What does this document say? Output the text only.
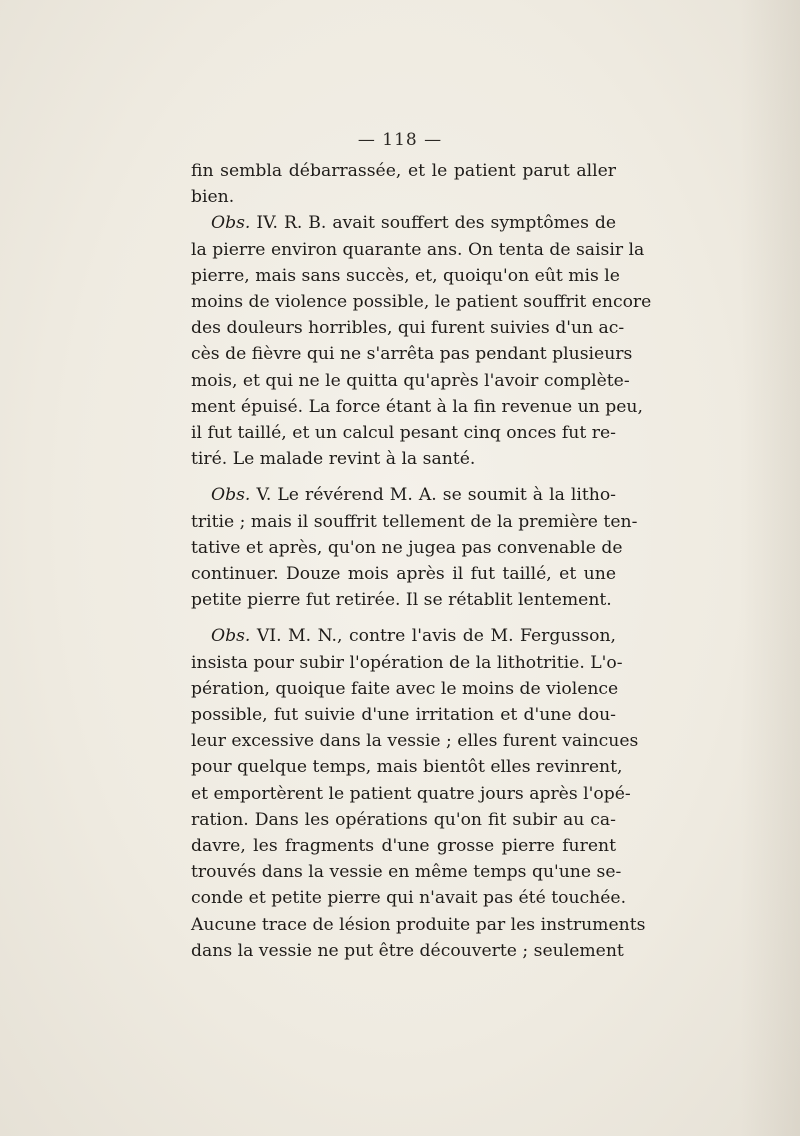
— 118 —
fin sembla débarrassée, et le patient parut aller
bien.
Obs. IV. R. B. avait souffert des symptômes de
la pierre environ quarante ans. On tenta de saisir la
pierre, mais sans succès, et, quoiqu'on eût mis le
moins de violence possible, le patient souffrit encore
des douleurs horribles, qui furent suivies d'un ac-
cès de fièvre qui ne s'arrêta pas pendant plusieurs
mois, et qui ne le quitta qu'après l'avoir complète-
ment épuisé. La force étant à la fin revenue un peu,
il fut taillé, et un calcul pesant cinq onces fut re-
tiré. Le malade revint à la santé.
Obs. V. Le révérend M. A. se soumit à la litho-
tritie ; mais il souffrit tellement de la première ten-
tative et après, qu'on ne jugea pas convenable de
continuer. Douze mois après il fut taillé, et une
petite pierre fut retirée. Il se rétablit lentement.
Obs. VI. M. N., contre l'avis de M. Fergusson,
insista pour subir l'opération de la lithotritie. L'o-
pération, quoique faite avec le moins de violence
possible, fut suivie d'une irritation et d'une dou-
leur excessive dans la vessie ; elles furent vaincues
pour quelque temps, mais bientôt elles revinrent,
et emportèrent le patient quatre jours après l'opé-
ration. Dans les opérations qu'on fit subir au ca-
davre, les fragments d'une grosse pierre furent
trouvés dans la vessie en même temps qu'une se-
conde et petite pierre qui n'avait pas été touchée.
Aucune trace de lésion produite par les instruments
dans la vessie ne put être découverte ; seulement
